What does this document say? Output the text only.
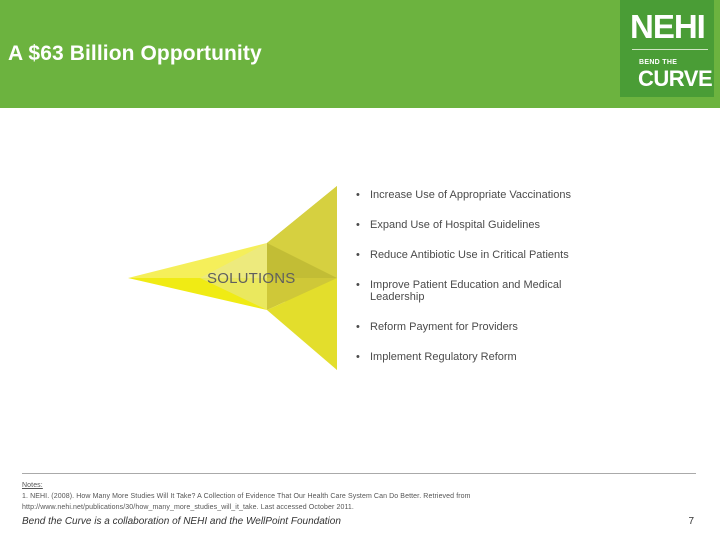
A $63 Billion Opportunity
NEHI
BEND THE
CURVE
SOLUTIONS
• Increase Use of Appropriate Vaccinations
• Expand Use of Hospital Guidelines
• Reduce Antibiotic Use in Critical Patients
• Improve Patient Education and Medical
Leadership
• Reform Payment for Providers
• Implement Regulatory Reform
Notes:
1. NEHI. (2008). How Many More Studies Will It Take? A Collection of Evidence That Our Health Care System Can Do Better. Retrieved from
http://www.nehi.net/publications/30/how_many_more_studies_will_it_take. Last accessed October 2011.
Bend the Curve is a collaboration of NEHI and the WellPoint Foundation	7
